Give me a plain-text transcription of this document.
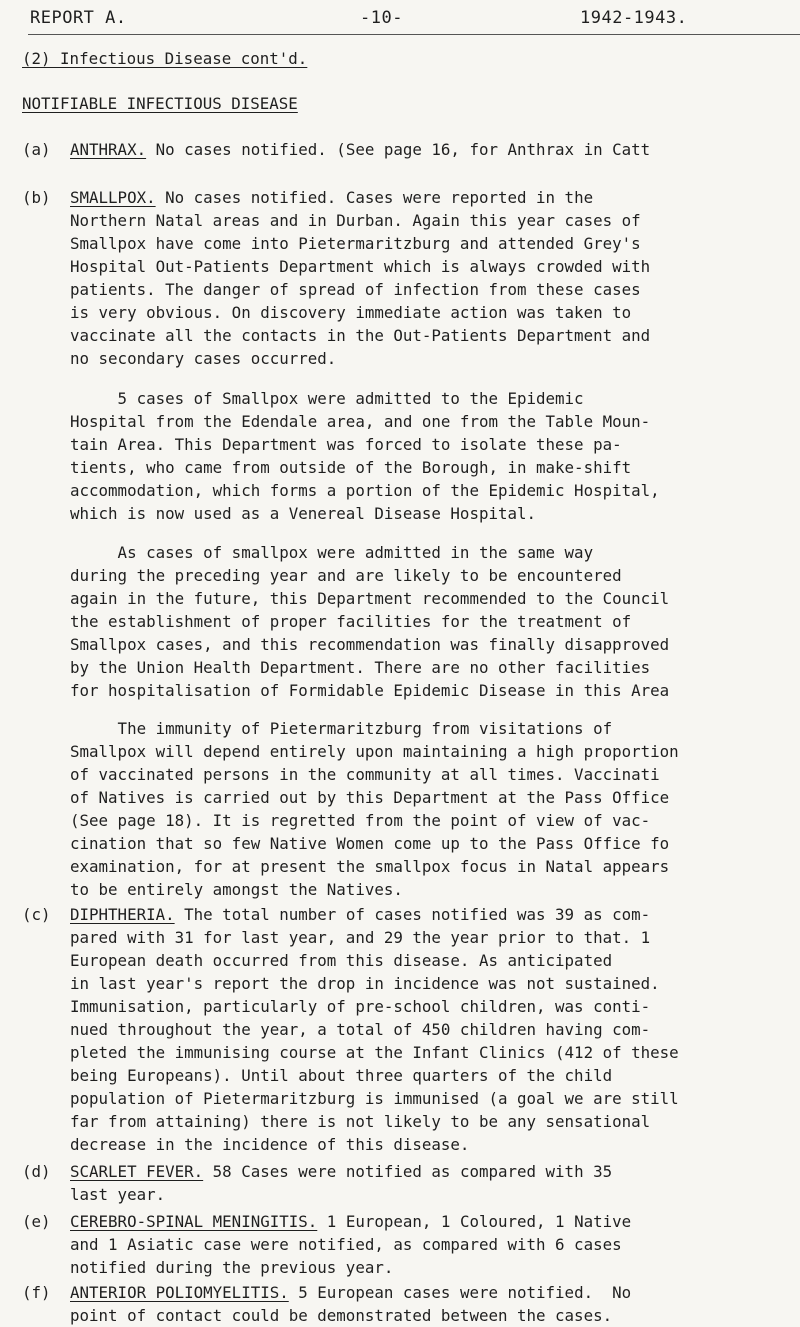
REPORT A.	-10-	1942-1943.
(2) Infectious Disease cont'd.
NOTIFIABLE INFECTIOUS DISEASE
(a) ANTHRAX. No cases notified. (See page 16, for Anthrax in Catt
(b) SMALLPOX. No cases notified. Cases were reported in the
Northern Natal areas and in Durban. Again this year cases of
Smallpox have come into Pietermaritzburg and attended Grey's
Hospital Out-Patients Department which is always crowded with
patients. The danger of spread of infection from these cases
is very obvious. On discovery immediate action was taken to
vaccinate all the contacts in the Out-Patients Department and
no secondary cases occurred.
5 cases of Smallpox were admitted to the Epidemic
Hospital from the Edendale area, and one from the Table Moun-
tain Area. This Department was forced to isolate these pa-
tients, who came from outside of the Borough, in make-shift
accommodation, which forms a portion of the Epidemic Hospital,
which is now used as a Venereal Disease Hospital.
As cases of smallpox were admitted in the same way
during the preceding year and are likely to be encountered
again in the future, this Department recommended to the Council
the establishment of proper facilities for the treatment of
Smallpox cases, and this recommendation was finally disapproved
by the Union Health Department. There are no other facilities
for hospitalisation of Formidable Epidemic Disease in this Area
The immunity of Pietermaritzburg from visitations of
Smallpox will depend entirely upon maintaining a high proportion
of vaccinated persons in the community at all times. Vaccinati
of Natives is carried out by this Department at the Pass Office
(See page 18). It is regretted from the point of view of vac-
cination that so few Native Women come up to the Pass Office fo
examination, for at present the smallpox focus in Natal appears
to be entirely amongst the Natives.
(c) DIPHTHERIA. The total number of cases notified was 39 as com-
pared with 31 for last year, and 29 the year prior to that. 1
European death occurred from this disease. As anticipated
in last year's report the drop in incidence was not sustained.
Immunisation, particularly of pre-school children, was conti-
nued throughout the year, a total of 450 children having com-
pleted the immunising course at the Infant Clinics (412 of these
being Europeans). Until about three quarters of the child
population of Pietermaritzburg is immunised (a goal we are still
far from attaining) there is not likely to be any sensational
decrease in the incidence of this disease.
(d) SCARLET FEVER. 58 Cases were notified as compared with 35
last year.
(e) CEREBRO-SPINAL MENINGITIS. 1 European, 1 Coloured, 1 Native
and 1 Asiatic case were notified, as compared with 6 cases
notified during the previous year.
(f) ANTERIOR POLIOMYELITIS. 5 European cases were notified.  No
point of contact could be demonstrated between the cases.
